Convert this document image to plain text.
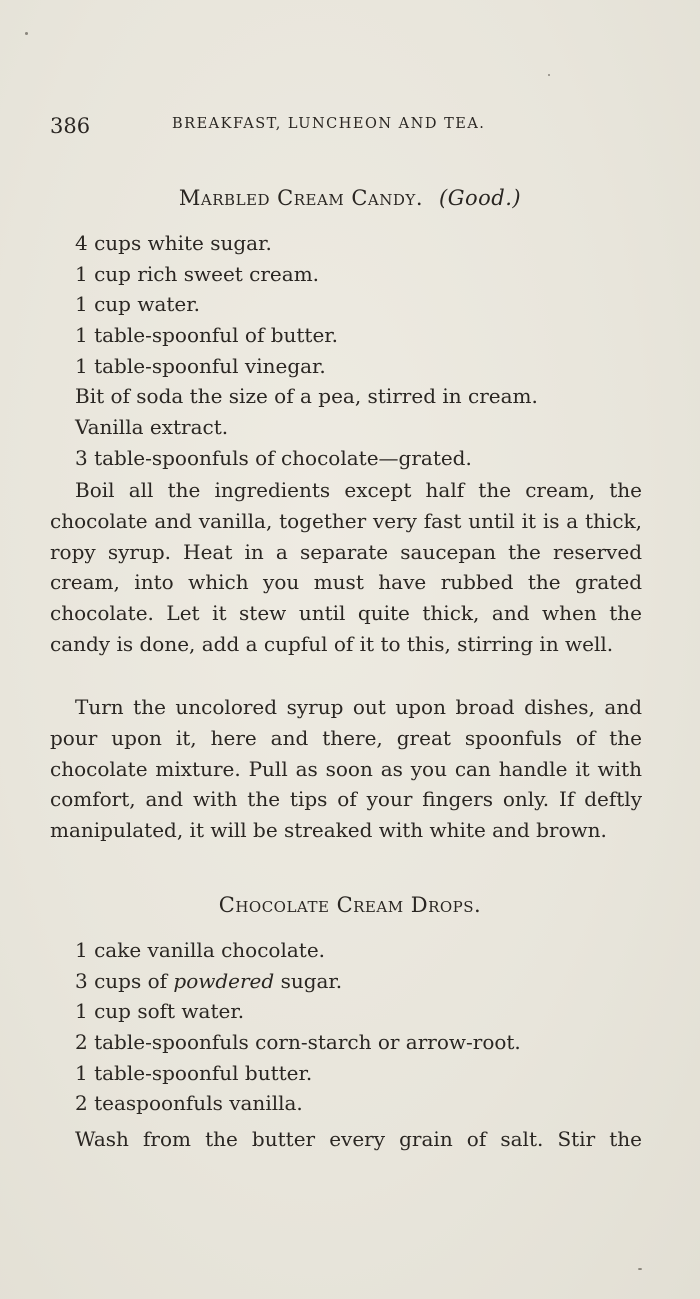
386	BREAKFAST, LUNCHEON AND TEA.
Marbled Cream Candy. (Good.)
4 cups white sugar.
1 cup rich sweet cream.
1 cup water.
1 table-spoonful of butter.
1 table-spoonful vinegar.
Bit of soda the size of a pea, stirred in cream.
Vanilla extract.
3 table-spoonfuls of chocolate—grated.

Boil all the ingredients except half the cream, the chocolate and vanilla, together very fast until it is a thick, ropy syrup. Heat in a separate saucepan the reserved cream, into which you must have rubbed the grated chocolate. Let it stew until quite thick, and when the candy is done, add a cupful of it to this, stirring in well.

Turn the uncolored syrup out upon broad dishes, and pour upon it, here and there, great spoonfuls of the chocolate mixture. Pull as soon as you can handle it with comfort, and with the tips of your fingers only. If deftly manipulated, it will be streaked with white and brown.

Chocolate Cream Drops.
1 cake vanilla chocolate.
3 cups of powdered sugar.
1 cup soft water.
2 table-spoonfuls corn-starch or arrow-root.
1 table-spoonful butter.
2 teaspoonfuls vanilla.

Wash from the butter every grain of salt. Stir the
